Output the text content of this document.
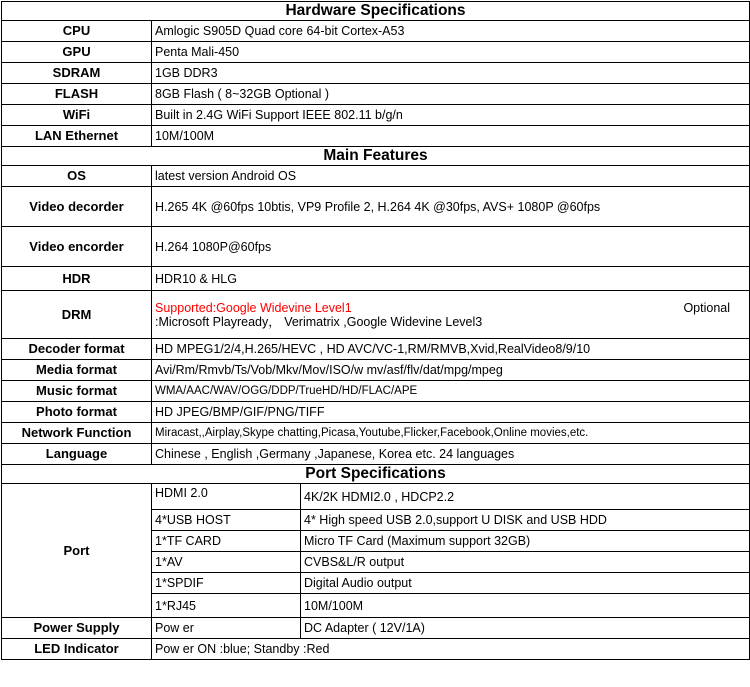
Hardware Specifications		
CPU	Amlogic S905D Quad core 64-bit Cortex-A53	
GPU	Penta Mali-450	
SDRAM	1GB DDR3	
FLASH	8GB Flash ( 8~32GB Optional )	
WiFi	Built in 2.4G WiFi Support IEEE 802.11 b/g/n	
LAN Ethernet	10M/100M	
Main Features		
OS	latest version Android OS	
Video decorder	H.265 4K @60fps 10btis, VP9 Profile 2, H.264 4K @30fps, AVS+ 1080P @60fps	
Video encorder	H.264 1080P@60fps	
HDR	HDR10 & HLG	
DRM	Supported:Google Widevine Level1 Optional
:Microsoft Playready， Verimatrix ,Google Widevine Level3	

Decoder format	HD MPEG1/2/4,H.265/HEVC , HD AVC/VC-1,RM/RMVB,Xvid,RealVideo8/9/10	
Media format	Avi/Rm/Rmvb/Ts/Vob/Mkv/Mov/ISO/w mv/asf/flv/dat/mpg/mpeg	
Music format	WMA/AAC/WAV/OGG/DDP/TrueHD/HD/FLAC/APE	
Photo format	HD JPEG/BMP/GIF/PNG/TIFF	
Network Function	Miracast,,Airplay,Skype chatting,Picasa,Youtube,Flicker,Facebook,Online movies,etc.	
Language	Chinese , English ,Germany ,Japanese, Korea etc. 24 languages	
Port Specifications		
Port	HDMI 2.0	4K/2K HDMI2.0 , HDCP2.2
	4*USB HOST	4* High speed USB 2.0,support U DISK and USB HDD
	1*TF CARD	Micro TF Card (Maximum support 32GB)
	1*AV	CVBS&L/R output
	1*SPDIF	Digital Audio output
	1*RJ45	10M/100M
Power Supply	Pow er	DC Adapter ( 12V/1A)
LED Indicator	Pow er ON :blue; Standby :Red	
